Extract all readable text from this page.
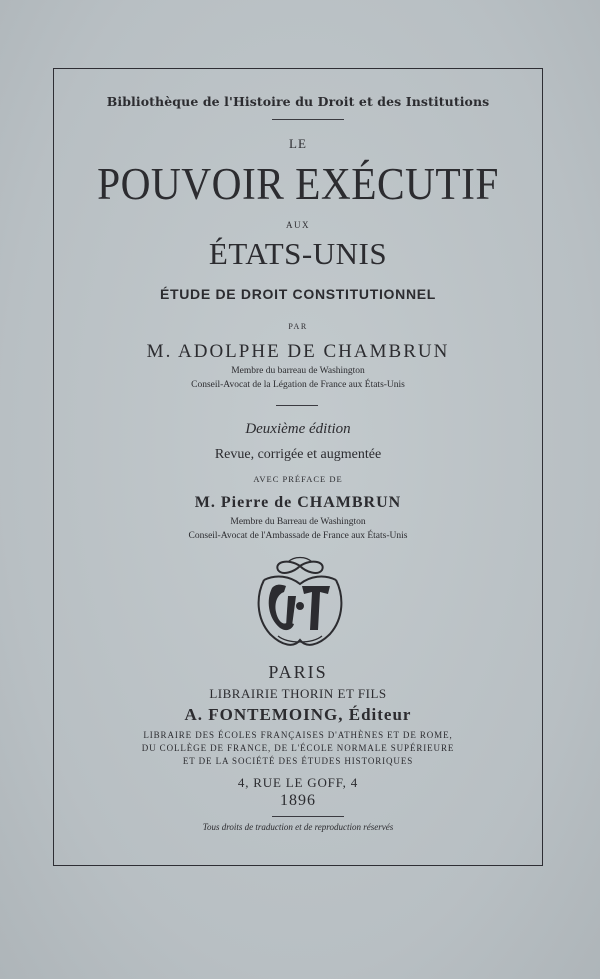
Bibliothèque de l'Histoire du Droit et des Institutions
LE
POUVOIR EXÉCUTIF
AUX
ÉTATS-UNIS
ÉTUDE DE DROIT CONSTITUTIONNEL
PAR
M. ADOLPHE DE CHAMBRUN
Membre du barreau de Washington
Conseil-Avocat de la Légation de France aux États-Unis
Deuxième édition
Revue, corrigée et augmentée
AVEC PRÉFACE DE
M. Pierre de CHAMBRUN
Membre du Barreau de Washington
Conseil-Avocat de l'Ambassade de France aux États-Unis
PARIS
LIBRAIRIE THORIN ET FILS
A. FONTEMOING, Éditeur
LIBRAIRE DES ÉCOLES FRANÇAISES D'ATHÈNES ET DE ROME,
DU COLLÈGE DE FRANCE, DE L'ÉCOLE NORMALE SUPÉRIEURE
ET DE LA SOCIÉTÉ DES ÉTUDES HISTORIQUES
4, RUE LE GOFF, 4
1896
Tous droits de traduction et de reproduction réservés
